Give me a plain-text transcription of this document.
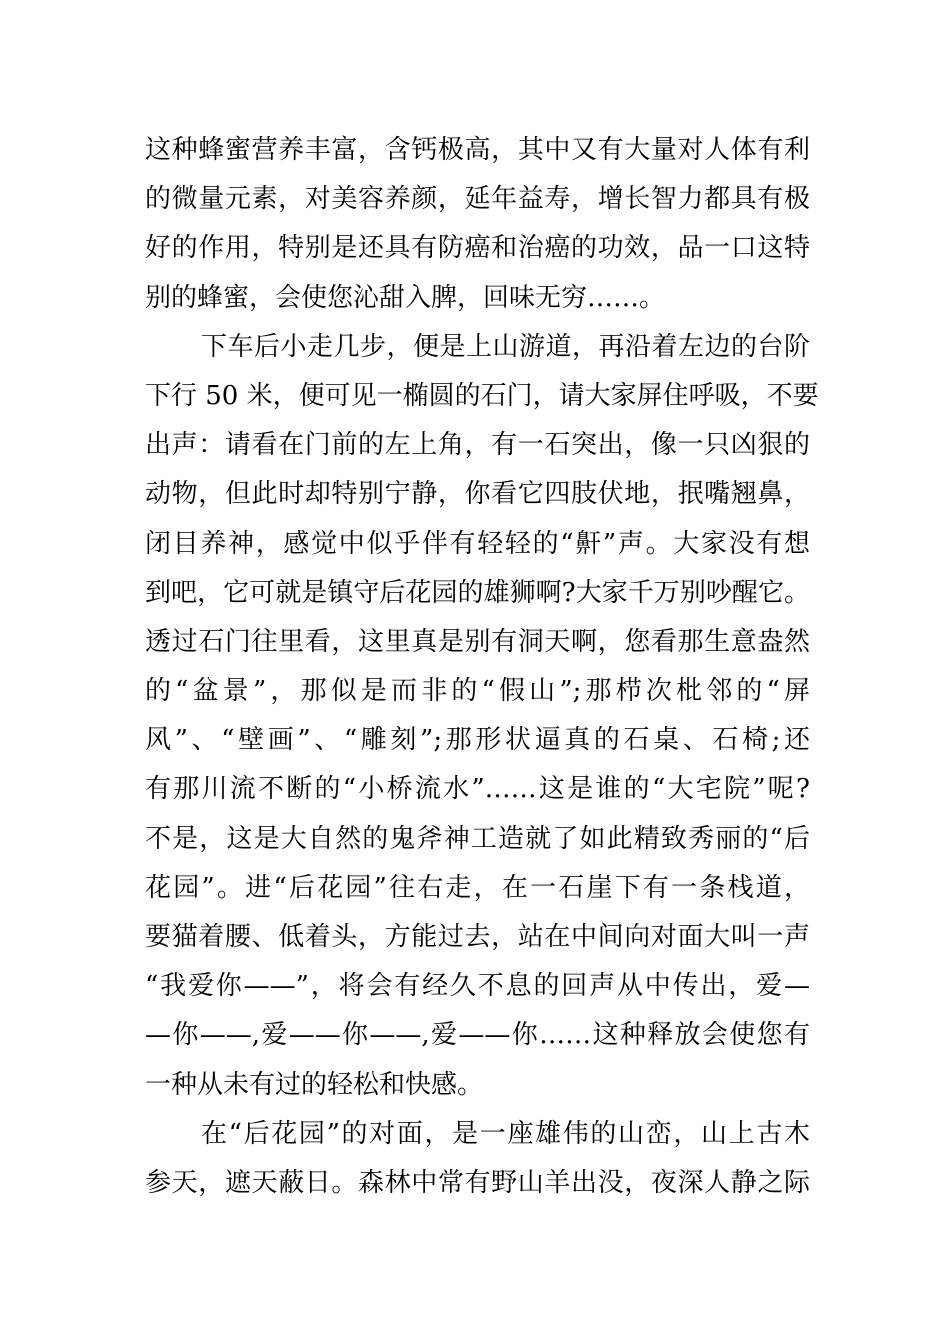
这种蜂蜜营养丰富，含钙极高，其中又有大量对人体有利
的微量元素，对美容养颜，延年益寿，增长智力都具有极
好的作用，特别是还具有防癌和治癌的功效，品一口这特
别的蜂蜜，会使您沁甜入脾，回味无穷……。
下车后小走几步，便是上山游道，再沿着左边的台阶
下行 50 米，便可见一椭圆的石门，请大家屏住呼吸，不要
出声：请看在门前的左上角，有一石突出，像一只凶狠的
动物，但此时却特别宁静，你看它四肢伏地，抿嘴翘鼻，
闭目养神，感觉中似乎伴有轻轻的“鼾”声。大家没有想
到吧，它可就是镇守后花园的雄狮啊?大家千万别吵醒它。
透过石门往里看，这里真是别有洞天啊，您看那生意盎然
的“盆景”，那似是而非的“假山”;那栉次枇邻的“屏
风”、“壁画”、“雕刻”;那形状逼真的石桌、石椅;还
有那川流不断的“小桥流水”……这是谁的“大宅院”呢?
不是，这是大自然的鬼斧神工造就了如此精致秀丽的“后
花园”。进“后花园”往右走，在一石崖下有一条栈道，
要猫着腰、低着头，方能过去，站在中间向对面大叫一声
“我爱你——”，将会有经久不息的回声从中传出，爱—
—你——,爱——你——,爱——你……这种释放会使您有
一种从未有过的轻松和快感。
在“后花园”的对面，是一座雄伟的山峦，山上古木
参天，遮天蔽日。森林中常有野山羊出没，夜深人静之际
